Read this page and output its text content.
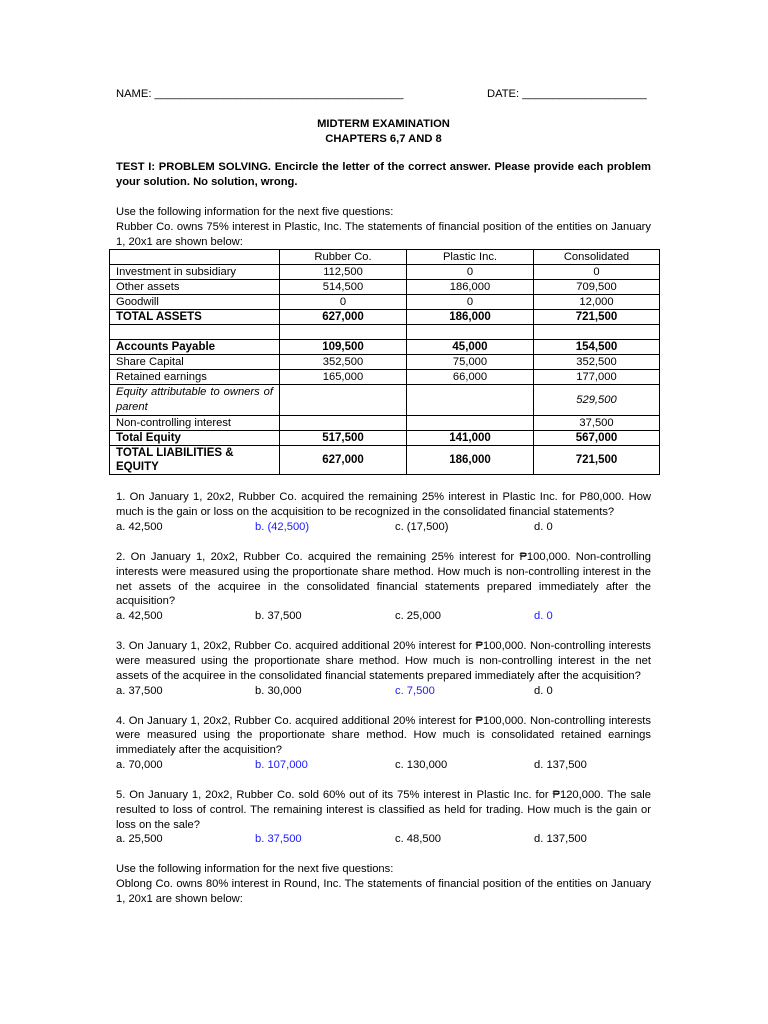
NAME: ________________________________________	DATE: ____________________
MIDTERM EXAMINATION
CHAPTERS 6,7 AND 8
TEST I: PROBLEM SOLVING. Encircle the letter of the correct answer. Please provide each problem your solution. No solution, wrong.

Use the following information for the next five questions:

Rubber Co. owns 75% interest in Plastic, Inc. The statements of financial position of the entities on January 1, 20x1 are shown below:

	Rubber Co.	Plastic Inc.	Consolidated
Investment in subsidiary	112,500	0	0
Other assets	514,500	186,000	709,500
Goodwill	0	0	12,000
TOTAL ASSETS	627,000	186,000	721,500

Accounts Payable	109,500	45,000	154,500
Share Capital	352,500	75,000	352,500
Retained earnings	165,000	66,000	177,000
Equity attributable to owners of parent			529,500
Non-controlling interest			37,500
Total Equity	517,500	141,000	567,000
TOTAL LIABILITIES & EQUITY	627,000	186,000	721,500

1. On January 1, 20x2, Rubber Co. acquired the remaining 25% interest in Plastic Inc. for P80,000. How much is the gain or loss on the acquisition to be recognized in the consolidated financial statements?

a. 42,500	b. (42,500)	c. (17,500)	d. 0

2. On January 1, 20x2, Rubber Co. acquired the remaining 25% interest for ₱100,000. Non-controlling interests were measured using the proportionate share method. How much is non-controlling interest in the net assets of the acquiree in the consolidated financial statements prepared immediately after the acquisition?

a. 42,500	b. 37,500	c. 25,000	d. 0

3. On January 1, 20x2, Rubber Co. acquired additional 20% interest for ₱100,000. Non-controlling interests were measured using the proportionate share method. How much is non-controlling interest in the net assets of the acquiree in the consolidated financial statements prepared immediately after the acquisition?

a. 37,500	b. 30,000	c. 7,500	d. 0

4. On January 1, 20x2, Rubber Co. acquired additional 20% interest for ₱100,000. Non-controlling interests were measured using the proportionate share method. How much is consolidated retained earnings immediately after the acquisition?

a. 70,000	b. 107,000	c. 130,000	d. 137,500

5. On January 1, 20x2, Rubber Co. sold 60% out of its 75% interest in Plastic Inc. for ₱120,000. The sale resulted to loss of control. The remaining interest is classified as held for trading. How much is the gain or loss on the sale?

a. 25,500	b. 37,500	c. 48,500	d. 137,500

Use the following information for the next five questions:

Oblong Co. owns 80% interest in Round, Inc. The statements of financial position of the entities on January 1, 20x1 are shown below:
